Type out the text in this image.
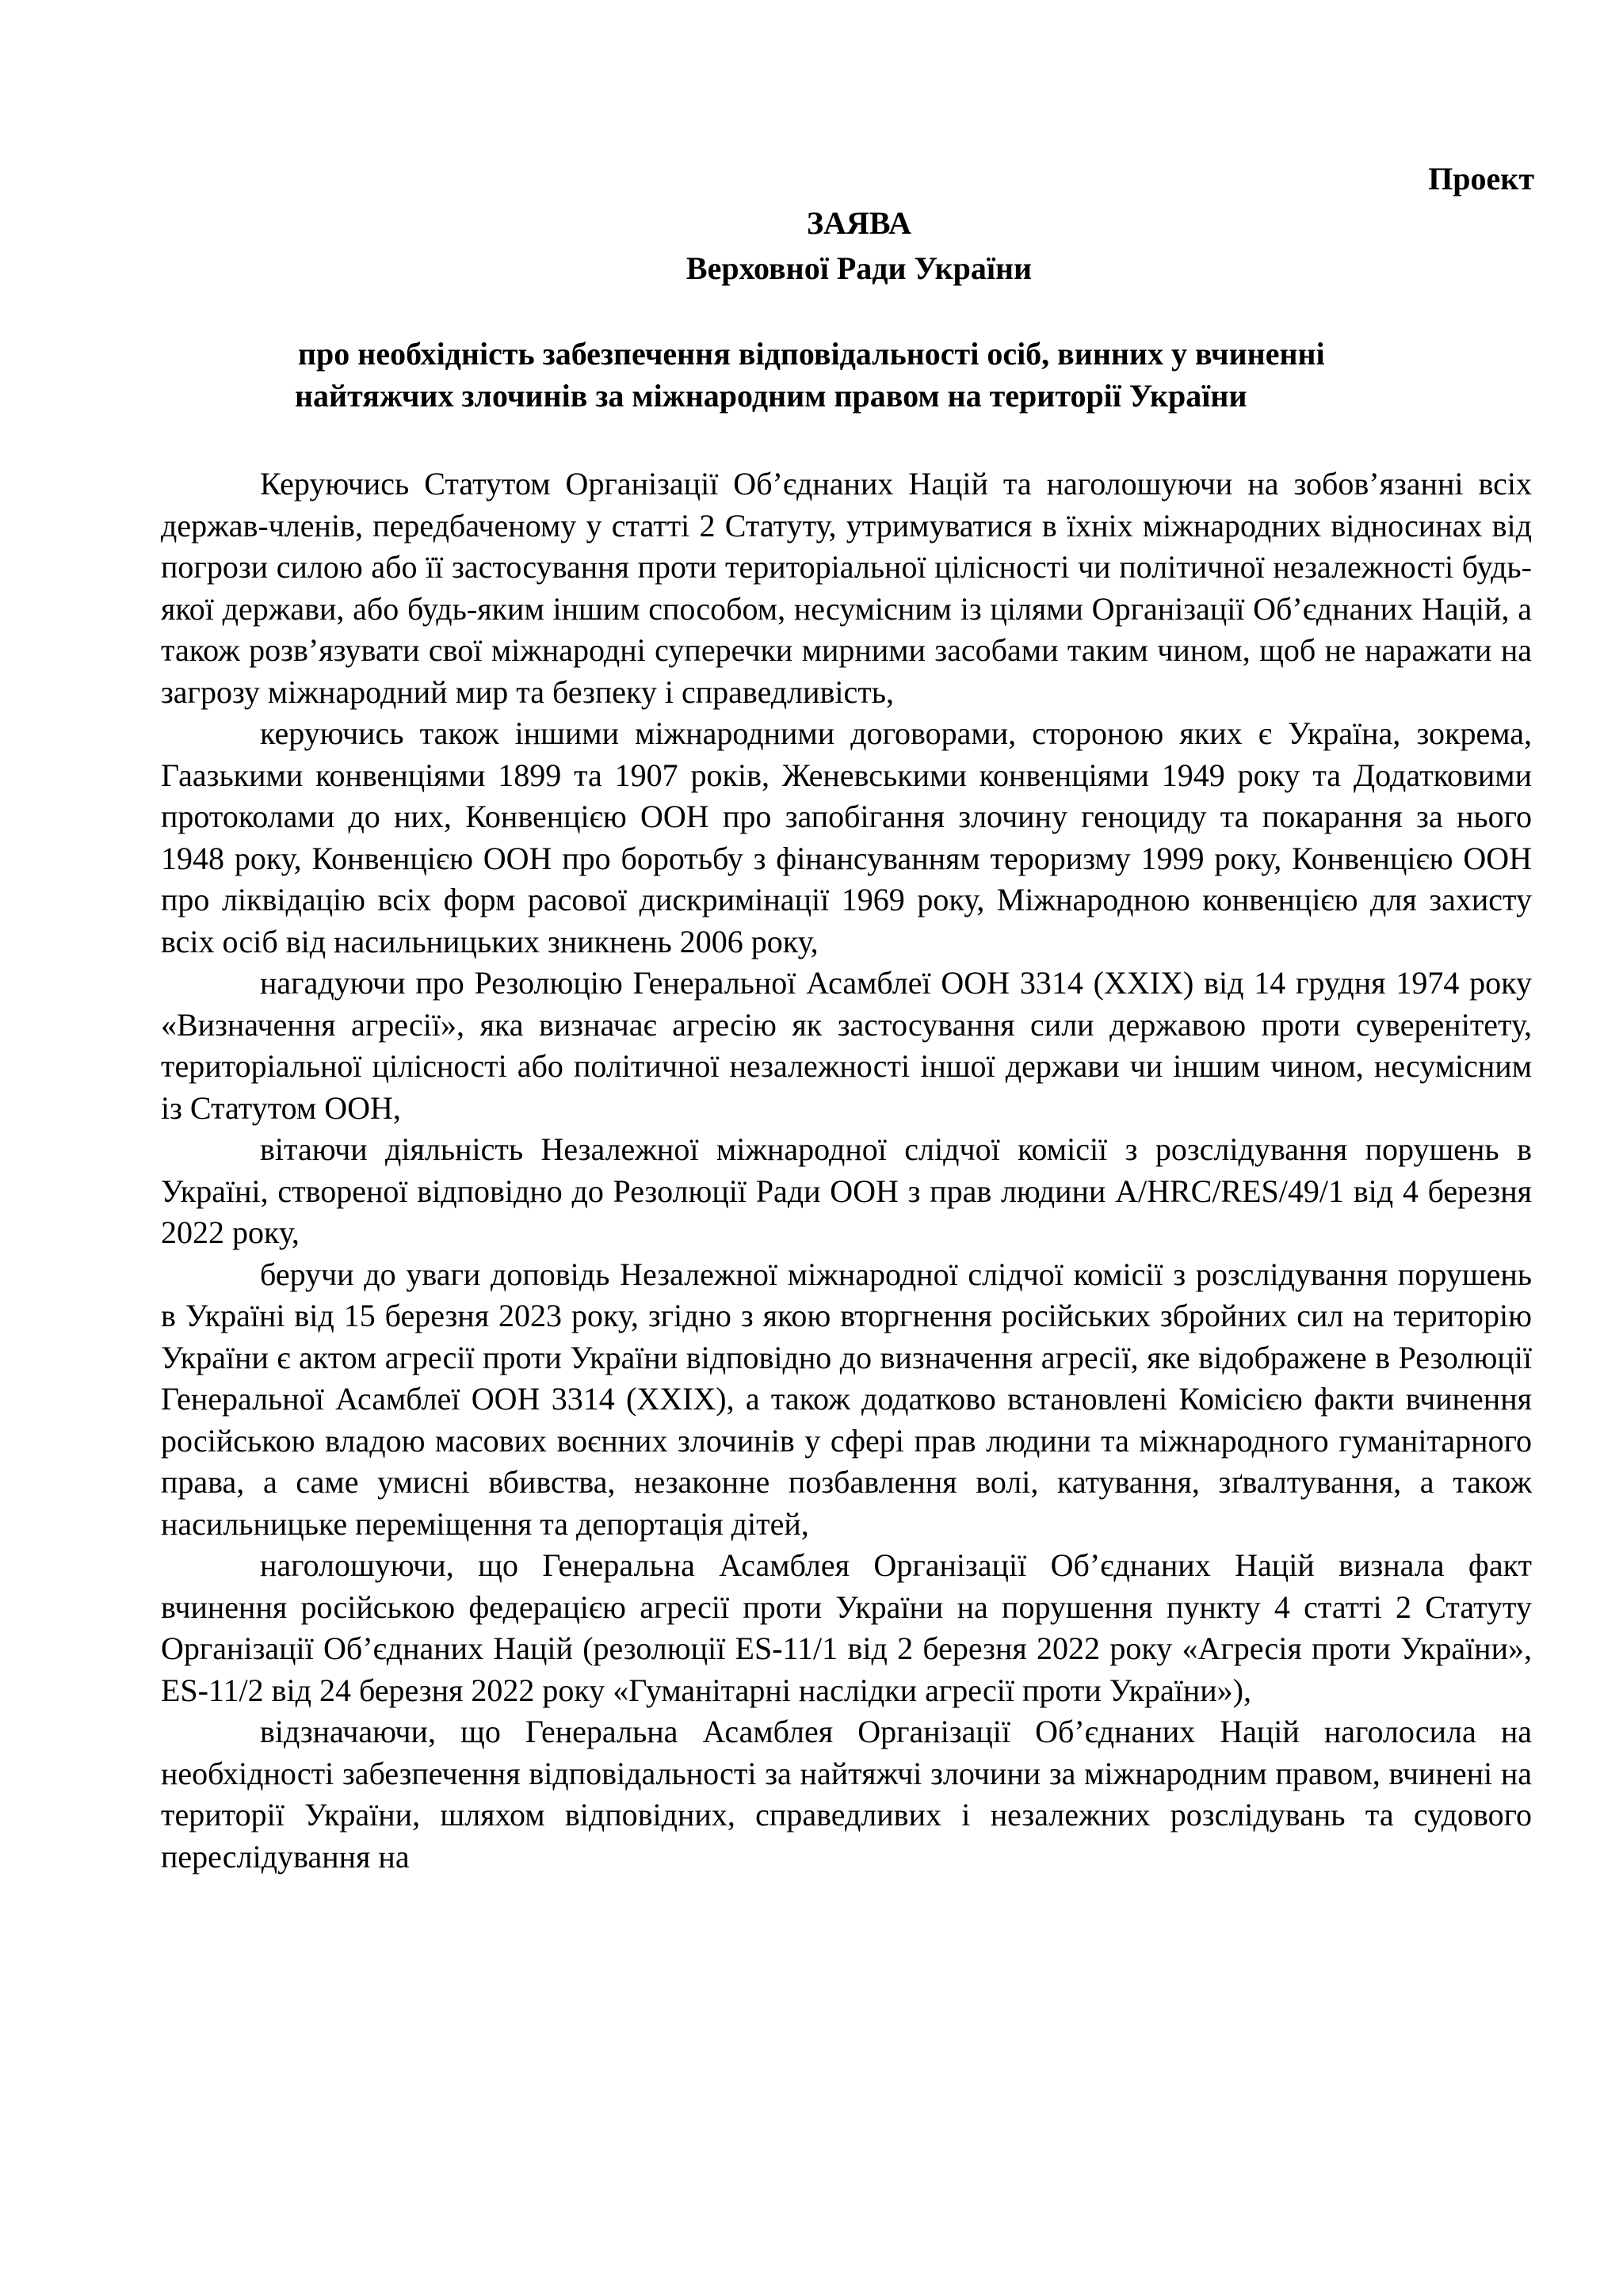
Проект
ЗАЯВА
Верховної Ради України
про необхідність забезпечення відповідальності осіб, винних у вчиненні
найтяжчих злочинів за міжнародним правом на території України

Керуючись Статутом Організації Об’єднаних Націй та наголошуючи на зобов’язанні всіх держав-членів, передбаченому у статті 2 Статуту, утримуватися в їхніх міжнародних відносинах від погрози силою або її застосування проти територіальної цілісності чи політичної незалежності будь-якої держави, або будь-яким іншим способом, несумісним із цілями Організації Об’єднаних Націй, а також розв’язувати свої міжнародні суперечки мирними засобами таким чином, щоб не наражати на загрозу міжнародний мир та безпеку і справедливість,

керуючись також іншими міжнародними договорами, стороною яких є Україна, зокрема, Гаазькими конвенціями 1899 та 1907 років, Женевськими конвенціями 1949 року та Додатковими протоколами до них, Конвенцією ООН про запобігання злочину геноциду та покарання за нього 1948 року, Конвенцією ООН про боротьбу з фінансуванням тероризму 1999 року, Конвенцією ООН про ліквідацію всіх форм расової дискримінації 1969 року, Міжнародною конвенцією для захисту всіх осіб від насильницьких зникнень 2006 року,

нагадуючи про Резолюцію Генеральної Асамблеї ООН 3314 (XXIX) від 14 грудня 1974 року «Визначення агресії», яка визначає агресію як застосування сили державою проти суверенітету, територіальної цілісності або політичної незалежності іншої держави чи іншим чином, несумісним із Статутом ООН,

вітаючи діяльність Незалежної міжнародної слідчої комісії з розслідування порушень в Україні, створеної відповідно до Резолюції Ради ООН з прав людини A/HRC/RES/49/1 від 4 березня 2022 року,

беручи до уваги доповідь Незалежної міжнародної слідчої комісії з розслідування порушень в Україні від 15 березня 2023 року, згідно з якою вторгнення російських збройних сил на територію України є актом агресії проти України відповідно до визначення агресії, яке відображене в Резолюції Генеральної Асамблеї ООН 3314 (XXIX), а також додатково встановлені Комісією факти вчинення російською владою масових воєнних злочинів у сфері прав людини та міжнародного гуманітарного права, а саме умисні вбивства, незаконне позбавлення волі, катування, зґвалтування, а також насильницьке переміщення та депортація дітей,

наголошуючи, що Генеральна Асамблея Організації Об’єднаних Націй визнала факт вчинення російською федерацією агресії проти України на порушення пункту 4 статті 2 Статуту Організації Об’єднаних Націй (резолюції ES-11/1 від 2 березня 2022 року «Агресія проти України», ES-11/2 від 24 березня 2022 року «Гуманітарні наслідки агресії проти України»),

відзначаючи, що Генеральна Асамблея Організації Об’єднаних Націй наголосила на необхідності забезпечення відповідальності за найтяжчі злочини за міжнародним правом, вчинені на території України, шляхом відповідних, справедливих і незалежних розслідувань та судового переслідування на
